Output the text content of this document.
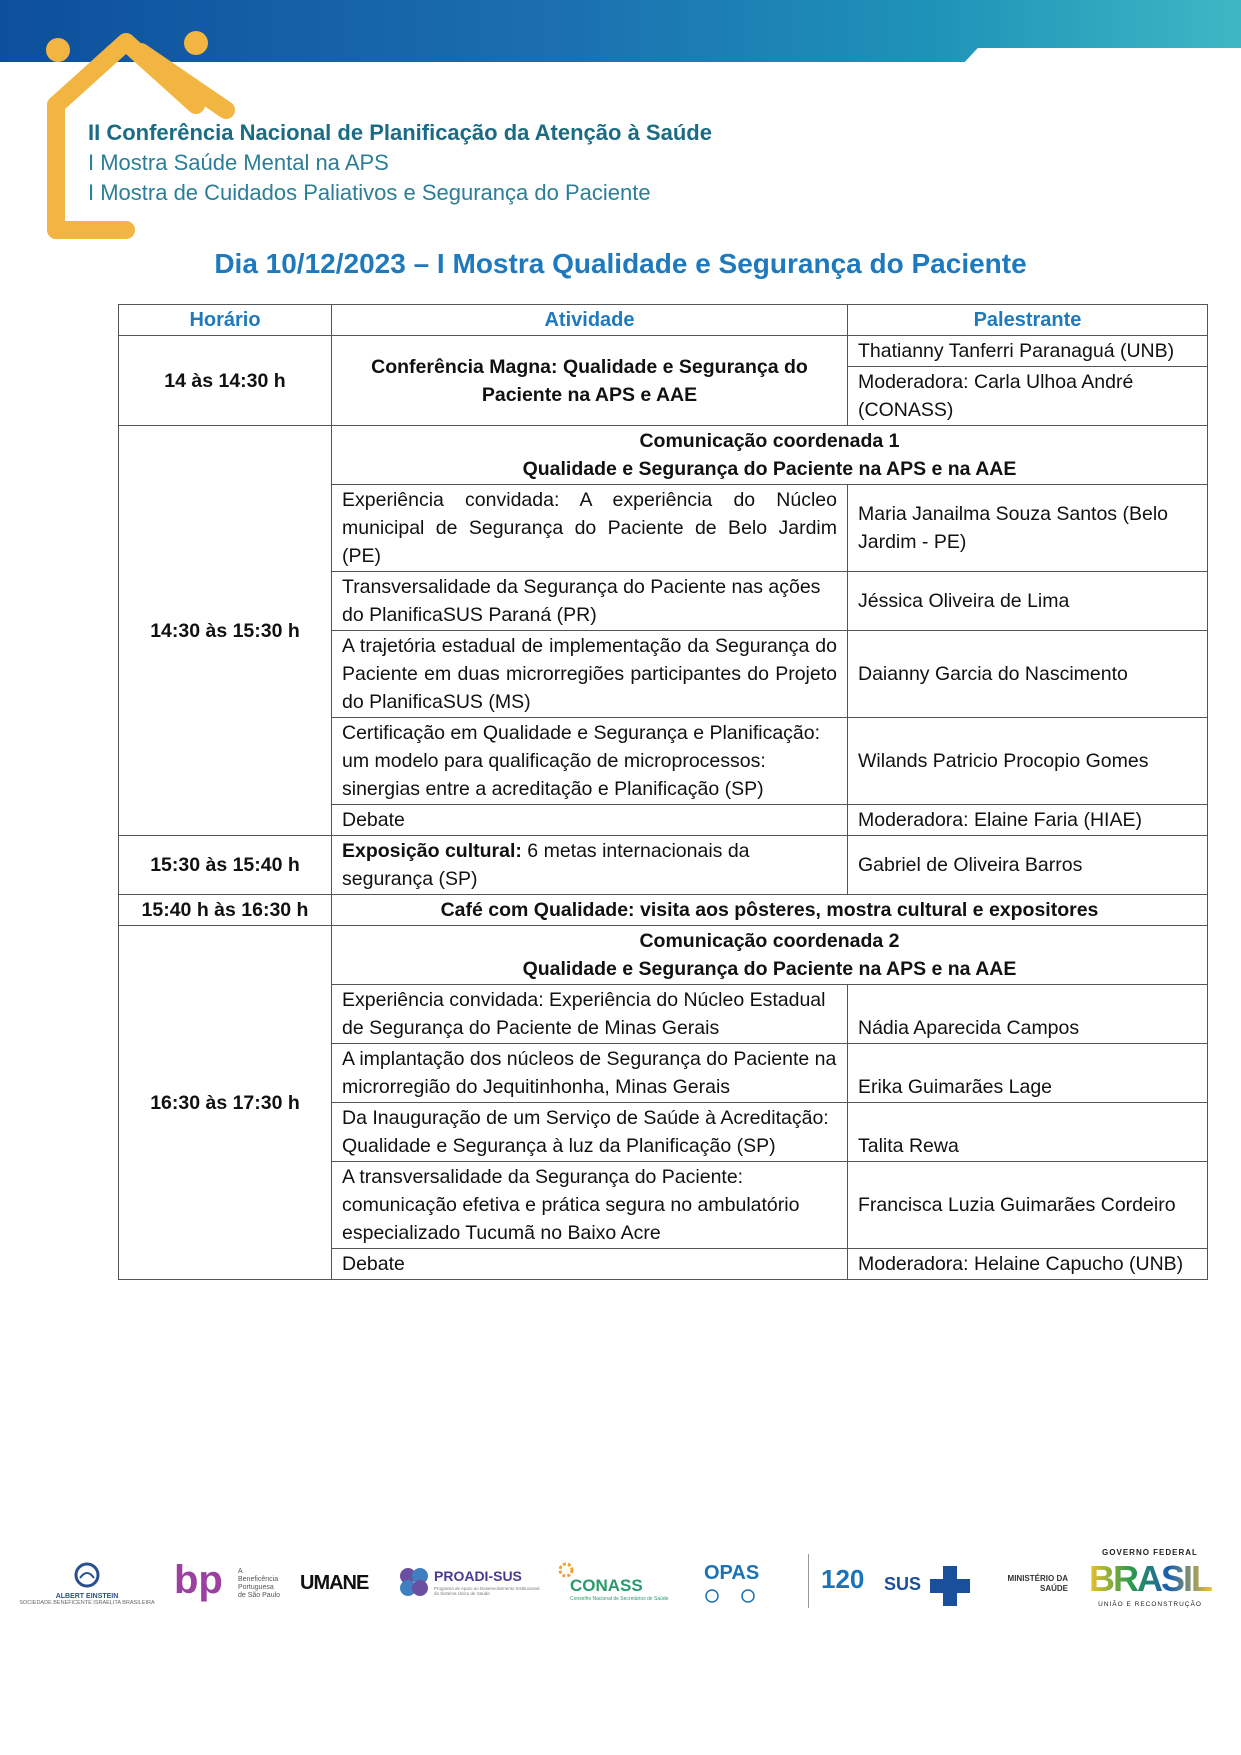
II Conferência Nacional de Planificação da Atenção à Saúde
I Mostra Saúde Mental na APS
I Mostra de Cuidados Paliativos e Segurança do Paciente
Dia 10/12/2023 – I Mostra Qualidade e Segurança do Paciente
Horário	Atividade	Palestrante
14 às 14:30 h	Conferência Magna: Qualidade e Segurança do Paciente na APS e AAE	Thatianny Tanferri Paranaguá (UNB)
		Moderadora: Carla Ulhoa André (CONASS)
14:30 às 15:30 h	Comunicação coordenada 1
Qualidade e Segurança do Paciente na APS e na AAE	

	Experiência convidada: A experiência do Núcleo municipal de Segurança do Paciente de Belo Jardim (PE)	Maria Janailma Souza Santos (Belo Jardim - PE)
	Transversalidade da Segurança do Paciente nas ações do PlanificaSUS Paraná (PR)	Jéssica Oliveira de Lima
	A trajetória estadual de implementação da Segurança do Paciente em duas microrregiões participantes do Projeto do PlanificaSUS (MS)	Daianny Garcia do Nascimento
	Certificação em Qualidade e Segurança e Planificação: um modelo para qualificação de microprocessos: sinergias entre a acreditação e Planificação (SP)	Wilands Patricio Procopio Gomes
	Debate	Moderadora: Elaine Faria (HIAE)
15:30 às 15:40 h	Exposição cultural: 6 metas internacionais da segurança (SP)	Gabriel de Oliveira Barros
15:40 h às 16:30 h	Café com Qualidade: visita aos pôsteres, mostra cultural e expositores	
16:30 às 17:30 h	Comunicação coordenada 2
Qualidade e Segurança do Paciente na APS e na AAE	

	Experiência convidada: Experiência do Núcleo Estadual de Segurança do Paciente de Minas Gerais	Nádia Aparecida Campos
	A implantação dos núcleos de Segurança do Paciente na microrregião do Jequitinhonha, Minas Gerais	Erika Guimarães Lage
	Da Inauguração de um Serviço de Saúde à Acreditação: Qualidade e Segurança à luz da Planificação (SP)	Talita Rewa
	A transversalidade da Segurança do Paciente: comunicação efetiva e prática segura no ambulatório especializado Tucumã no Baixo Acre	Francisca Luzia Guimarães Cordeiro
	Debate	Moderadora: Helaine Capucho (UNB)
ALBERT EINSTEIN
SOCIEDADE BENEFICENTE ISRAELITA BRASILEIRA
bp A Beneficência
Portuguesa
de São Paulo
UMANE	PROADI-SUS
Programa de Apoio ao Desenvolvimento Institucional do Sistema Único de Saúde	CONASS
Conselho Nacional de Secretários de Saúde
OPAS 120 SUS	MINISTÉRIO DA
SAÚDE
GOVERNO FEDERAL
BRASIL
UNIÃO E RECONSTRUÇÃO
